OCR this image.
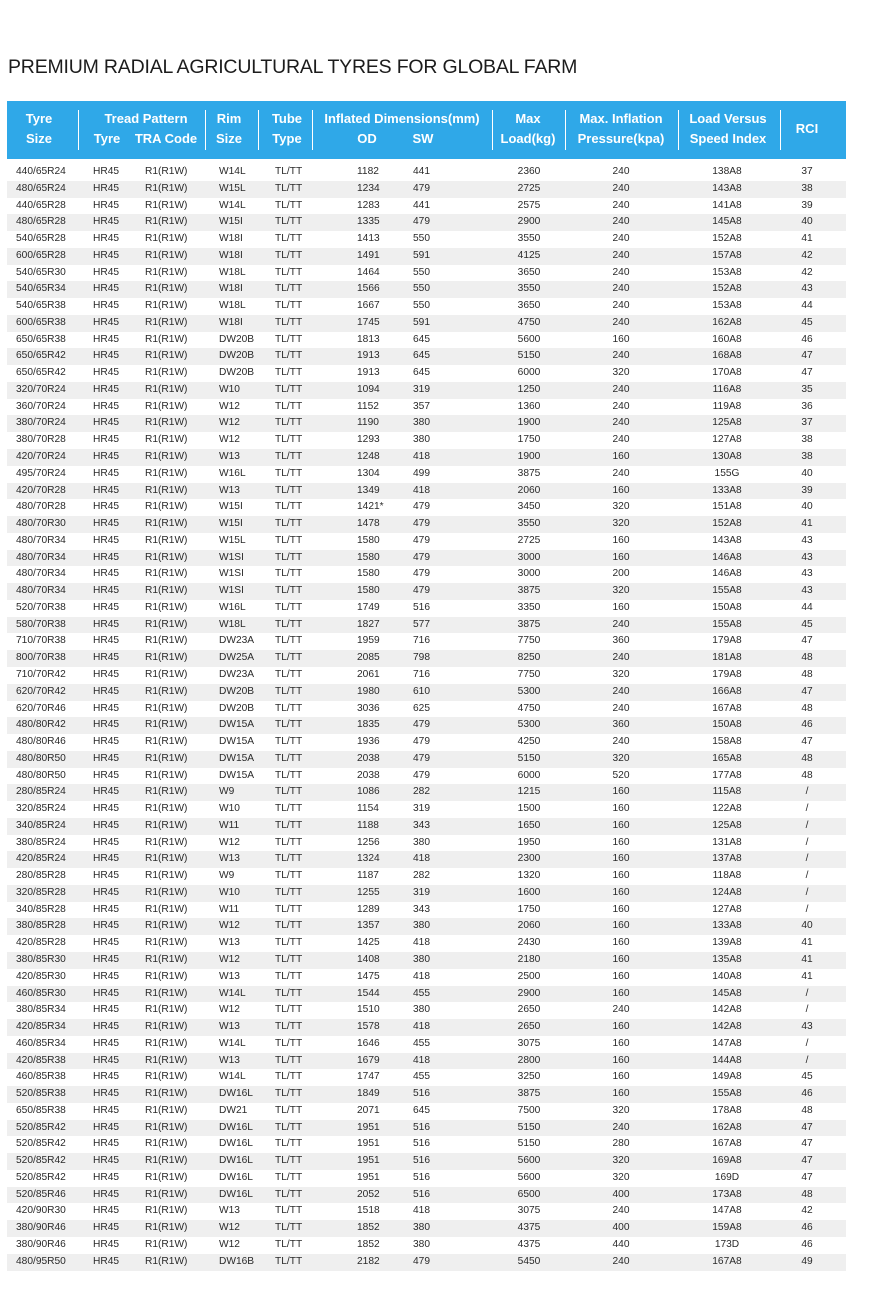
PREMIUM RADIAL AGRICULTURAL TYRES FOR GLOBAL FARM
Tyre
Size
Tread Pattern
Tyre	TRA Code
Rim
Size
Tube
Type
Inflated Dimensions(mm)
OD	SW
Max
Load(kg)
Max. Inflation
Pressure(kpa)
Load Versus
Speed Index
RCI
440/65R24	HR45	R1(R1W)	W14L	TL/TT	1182	441	2360	240	138A8	37
480/65R24	HR45	R1(R1W)	W15L	TL/TT	1234	479	2725	240	143A8	38
440/65R28	HR45	R1(R1W)	W14L	TL/TT	1283	441	2575	240	141A8	39
480/65R28	HR45	R1(R1W)	W15I	TL/TT	1335	479	2900	240	145A8	40
540/65R28	HR45	R1(R1W)	W18I	TL/TT	1413	550	3550	240	152A8	41
600/65R28	HR45	R1(R1W)	W18I	TL/TT	1491	591	4125	240	157A8	42
540/65R30	HR45	R1(R1W)	W18L	TL/TT	1464	550	3650	240	153A8	42
540/65R34	HR45	R1(R1W)	W18I	TL/TT	1566	550	3550	240	152A8	43
540/65R38	HR45	R1(R1W)	W18L	TL/TT	1667	550	3650	240	153A8	44
600/65R38	HR45	R1(R1W)	W18I	TL/TT	1745	591	4750	240	162A8	45
650/65R38	HR45	R1(R1W)	DW20B TL/TT	1813	645	5600	160	160A8	46
650/65R42	HR45	R1(R1W)	DW20B TL/TT	1913	645	5150	240	168A8	47
650/65R42	HR45	R1(R1W)	DW20B TL/TT	1913	645	6000	320	170A8	47
320/70R24	HR45	R1(R1W)	W10	TL/TT	1094	319	1250	240	116A8	35
360/70R24	HR45	R1(R1W)	W12	TL/TT	1152	357	1360	240	119A8	36
380/70R24	HR45	R1(R1W)	W12	TL/TT	1190	380	1900	240	125A8	37
380/70R28	HR45	R1(R1W)	W12	TL/TT	1293	380	1750	240	127A8	38
420/70R24	HR45	R1(R1W)	W13	TL/TT	1248	418	1900	160	130A8	38
495/70R24	HR45	R1(R1W)	W16L	TL/TT	1304	499	3875	240	155G	40
420/70R28	HR45	R1(R1W)	W13	TL/TT	1349	418	2060	160	133A8	39
480/70R28	HR45	R1(R1W)	W15I	TL/TT	1421*	479	3450	320	151A8	40
480/70R30	HR45	R1(R1W)	W15I	TL/TT	1478	479	3550	320	152A8	41
480/70R34	HR45	R1(R1W)	W15L	TL/TT	1580	479	2725	160	143A8	43
480/70R34	HR45	R1(R1W)	W1SI	TL/TT	1580	479	3000	160	146A8	43
480/70R34	HR45	R1(R1W)	W1SI	TL/TT	1580	479	3000	200	146A8	43
480/70R34	HR45	R1(R1W)	W1SI	TL/TT	1580	479	3875	320	155A8	43
520/70R38	HR45	R1(R1W)	W16L	TL/TT	1749	516	3350	160	150A8	44
580/70R38	HR45	R1(R1W)	W18L	TL/TT	1827	577	3875	240	155A8	45
710/70R38	HR45	R1(R1W)	DW23A TL/TT	1959	716	7750	360	179A8	47
800/70R38	HR45	R1(R1W)	DW25A TL/TT	2085	798	8250	240	181A8	48
710/70R42	HR45	R1(R1W)	DW23A TL/TT	2061	716	7750	320	179A8	48
620/70R42	HR45	R1(R1W)	DW20B TL/TT	1980	610	5300	240	166A8	47
620/70R46	HR45	R1(R1W)	DW20B TL/TT	3036	625	4750	240	167A8	48
480/80R42	HR45	R1(R1W)	DW15A TL/TT	1835	479	5300	360	150A8	46
480/80R46	HR45	R1(R1W)	DW15A TL/TT	1936	479	4250	240	158A8	47
480/80R50	HR45	R1(R1W)	DW15A TL/TT	2038	479	5150	320	165A8	48
480/80R50	HR45	R1(R1W)	DW15A TL/TT	2038	479	6000	520	177A8	48
280/85R24	HR45	R1(R1W)	W9	TL/TT	1086	282	1215	160	115A8	/
320/85R24	HR45	R1(R1W)	W10	TL/TT	1154	319	1500	160	122A8	/
340/85R24	HR45	R1(R1W)	W11	TL/TT	1188	343	1650	160	125A8	/
380/85R24	HR45	R1(R1W)	W12	TL/TT	1256	380	1950	160	131A8	/
420/85R24	HR45	R1(R1W)	W13	TL/TT	1324	418	2300	160	137A8	/
280/85R28	HR45	R1(R1W)	W9	TL/TT	1187	282	1320	160	118A8	/
320/85R28	HR45	R1(R1W)	W10	TL/TT	1255	319	1600	160	124A8	/
340/85R28	HR45	R1(R1W)	W11	TL/TT	1289	343	1750	160	127A8	/
380/85R28	HR45	R1(R1W)	W12	TL/TT	1357	380	2060	160	133A8	40
420/85R28	HR45	R1(R1W)	W13	TL/TT	1425	418	2430	160	139A8	41
380/85R30	HR45	R1(R1W)	W12	TL/TT	1408	380	2180	160	135A8	41
420/85R30	HR45	R1(R1W)	W13	TL/TT	1475	418	2500	160	140A8	41
460/85R30	HR45	R1(R1W)	W14L	TL/TT	1544	455	2900	160	145A8	/
380/85R34	HR45	R1(R1W)	W12	TL/TT	1510	380	2650	240	142A8	/
420/85R34	HR45	R1(R1W)	W13	TL/TT	1578	418	2650	160	142A8	43
460/85R34	HR45	R1(R1W)	W14L	TL/TT	1646	455	3075	160	147A8	/
420/85R38	HR45	R1(R1W)	W13	TL/TT	1679	418	2800	160	144A8	/
460/85R38	HR45	R1(R1W)	W14L	TL/TT	1747	455	3250	160	149A8	45
520/85R38	HR45	R1(R1W)	DW16L TL/TT	1849	516	3875	160	155A8	46
650/85R38	HR45	R1(R1W)	DW21	TL/TT	2071	645	7500	320	178A8	48
520/85R42	HR45	R1(R1W)	DW16L TL/TT	1951	516	5150	240	162A8	47
520/85R42	HR45	R1(R1W)	DW16L TL/TT	1951	516	5150	280	167A8	47
520/85R42	HR45	R1(R1W)	DW16L TL/TT	1951	516	5600	320	169A8	47
520/85R42	HR45	R1(R1W)	DW16L TL/TT	1951	516	5600	320	169D	47
520/85R46	HR45	R1(R1W)	DW16L TL/TT	2052	516	6500	400	173A8	48
420/90R30	HR45	R1(R1W)	W13	TL/TT	1518	418	3075	240	147A8	42
380/90R46	HR45	R1(R1W)	W12	TL/TT	1852	380	4375	400	159A8	46
380/90R46	HR45	R1(R1W)	W12	TL/TT	1852	380	4375	440	173D	46
480/95R50	HR45	R1(R1W)	DW16B TL/TT	2182	479	5450	240	167A8	49
